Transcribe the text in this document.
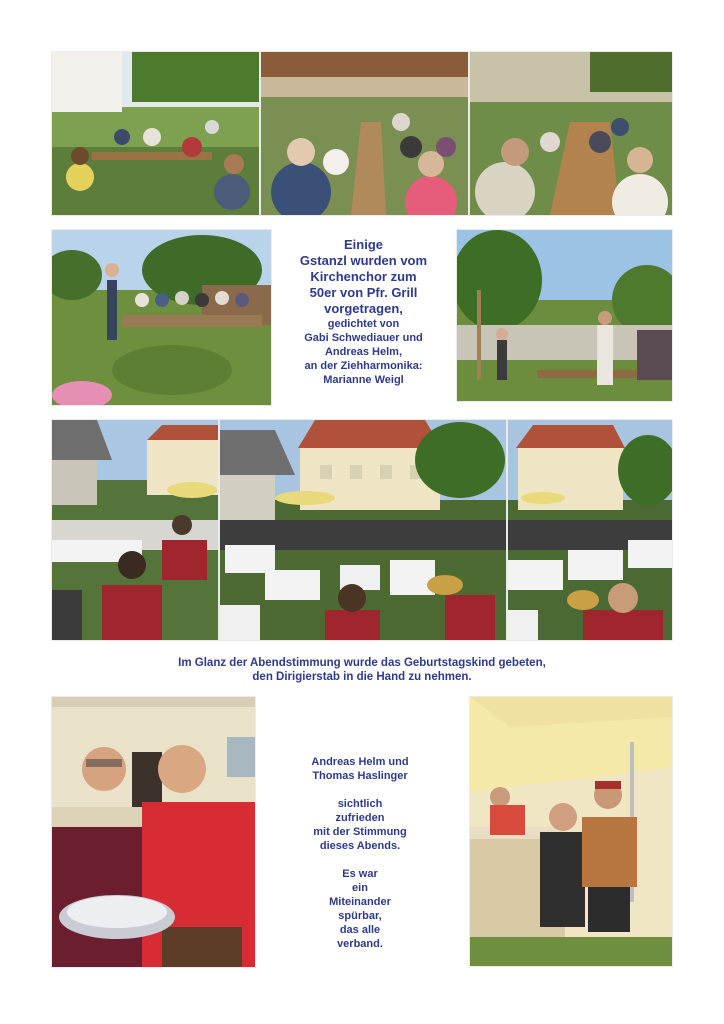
Einige
Gstanzl wurden vom
Kirchenchor zum
50er von Pfr. Grill
vorgetragen,
gedichtet von
Gabi Schwediauer und
Andreas Helm,
an der Ziehharmonika:
Marianne Weigl
Im Glanz der Abendstimmung wurde das Geburtstagskind gebeten,
den Dirigierstab in die Hand zu nehmen.
Andreas Helm und
Thomas Haslinger
sichtlich
zufrieden
mit der Stimmung
dieses Abends.
Es war
ein
Miteinander
spürbar,
das alle
verband.
